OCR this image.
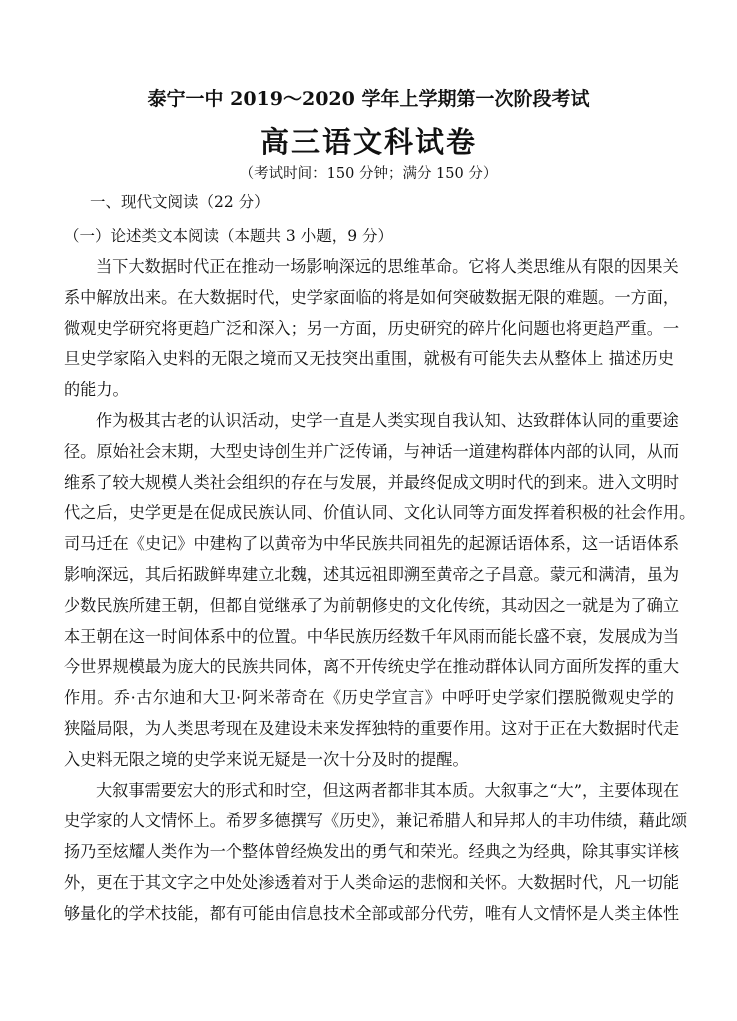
泰宁一中 2019～2020 学年上学期第一次阶段考试
高三语文科试卷
（考试时间：150 分钟；满分 150 分）
一、现代文阅读（22 分）
（一）论述类文本阅读（本题共 3 小题，9 分）
当下大数据时代正在推动一场影响深远的思维革命。它将人类思维从有限的因果关
系中解放出来。在大数据时代，史学家面临的将是如何突破数据无限的难题。一方面，
微观史学研究将更趋广泛和深入；另一方面，历史研究的碎片化问题也将更趋严重。一
旦史学家陷入史料的无限之境而又无技突出重围，就极有可能失去从整体上 描述历史
的能力。
作为极其古老的认识活动，史学一直是人类实现自我认知、达致群体认同的重要途
径。原始社会末期，大型史诗创生并广泛传诵，与神话一道建构群体内部的认同，从而
维系了较大规模人类社会组织的存在与发展，并最终促成文明时代的到来。进入文明时
代之后，史学更是在促成民族认同、价值认同、文化认同等方面发挥着积极的社会作用。
司马迁在《史记》中建构了以黄帝为中华民族共同祖先的起源话语体系，这一话语体系
影响深远，其后拓跋鲜卑建立北魏，述其远祖即溯至黄帝之子昌意。蒙元和满清，虽为
少数民族所建王朝，但都自觉继承了为前朝修史的文化传统，其动因之一就是为了确立
本王朝在这一时间体系中的位置。中华民族历经数千年风雨而能长盛不衰，发展成为当
今世界规模最为庞大的民族共同体，离不开传统史学在推动群体认同方面所发挥的重大
作用。乔·古尔迪和大卫·阿米蒂奇在《历史学宣言》中呼吁史学家们摆脱微观史学的
狭隘局限，为人类思考现在及建设未来发挥独特的重要作用。这对于正在大数据时代走
入史料无限之境的史学来说无疑是一次十分及时的提醒。
大叙事需要宏大的形式和时空，但这两者都非其本质。大叙事之“大”，主要体现在
史学家的人文情怀上。希罗多德撰写《历史》，兼记希腊人和异邦人的丰功伟绩，藉此颂
扬乃至炫耀人类作为一个整体曾经焕发出的勇气和荣光。经典之为经典，除其事实详核
外，更在于其文字之中处处渗透着对于人类命运的悲悯和关怀。大数据时代，凡一切能
够量化的学术技能，都有可能由信息技术全部或部分代劳，唯有人文情怀是人类主体性
